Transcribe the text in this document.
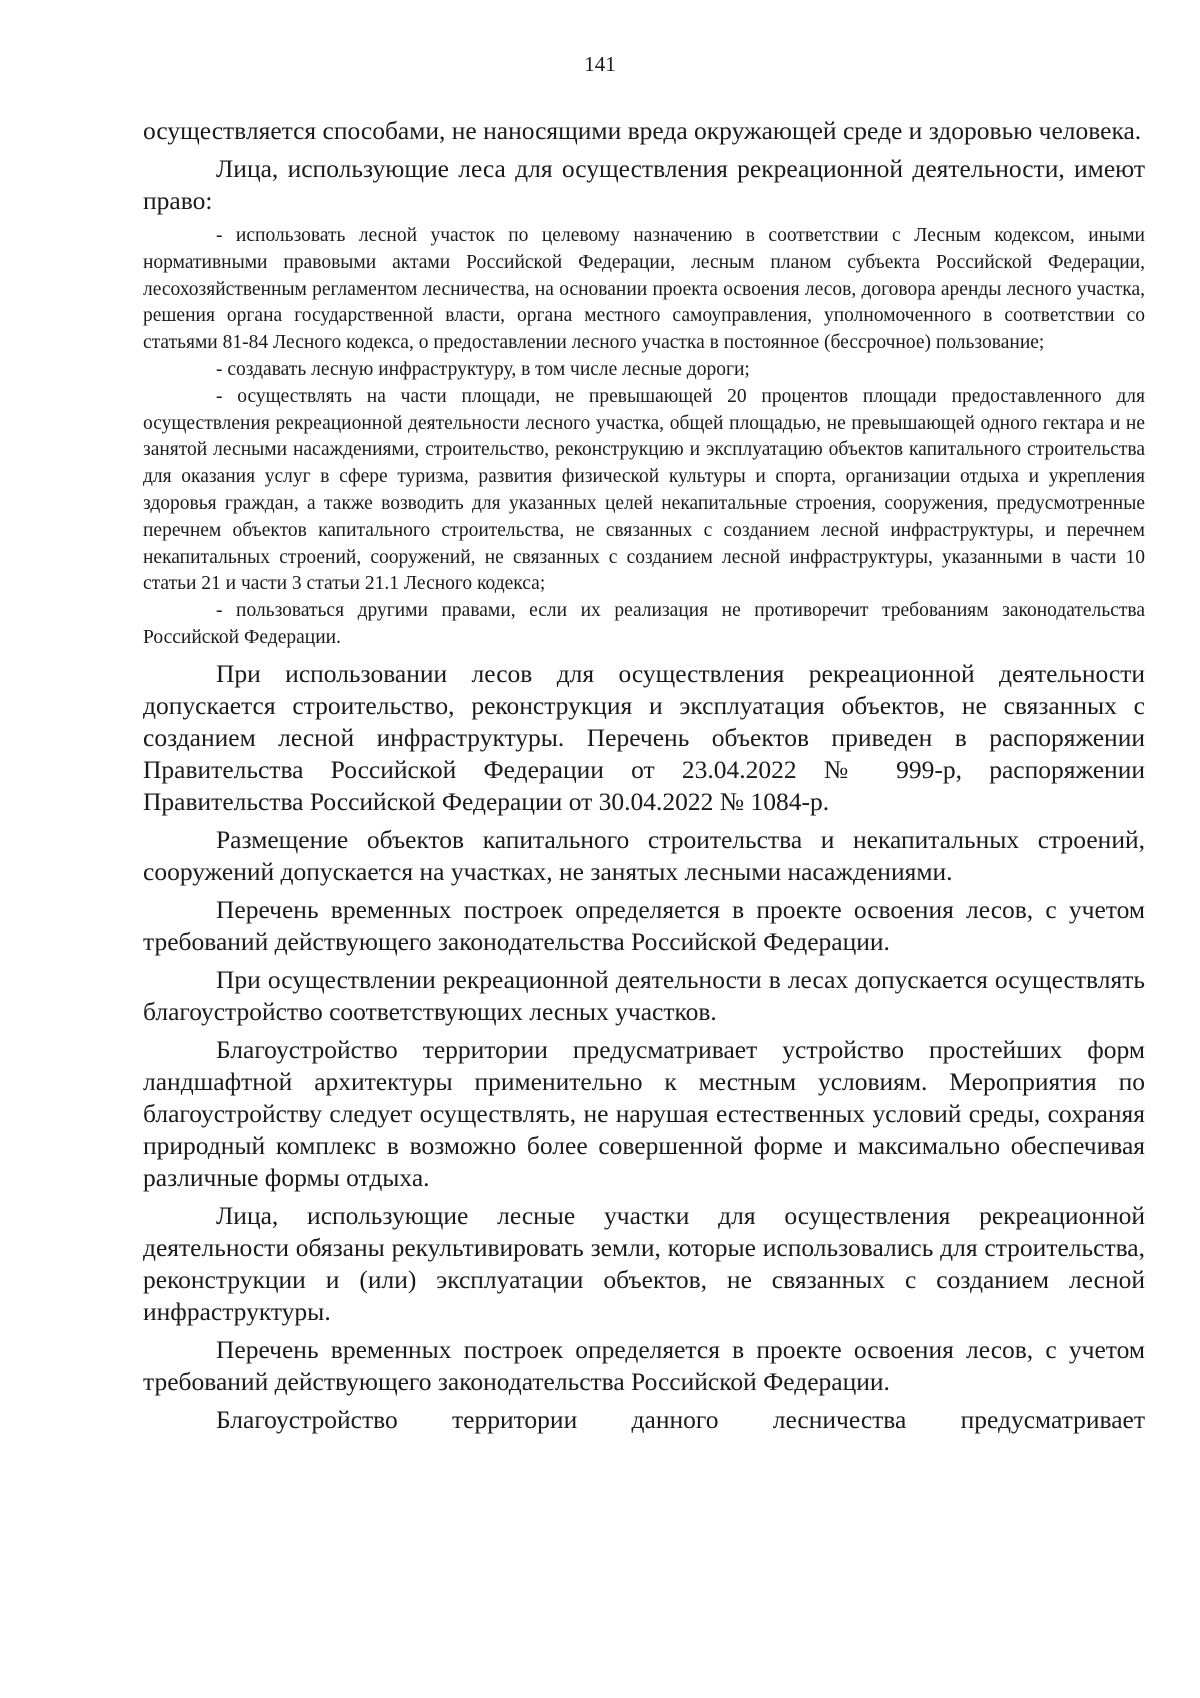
141

осуществляется способами, не наносящими вреда окружающей среде и здоровью человека.

Лица, использующие леса для осуществления рекреационной деятельности, имеют право:

- использовать лесной участок по целевому назначению в соответствии с Лесным кодексом, иными нормативными правовыми актами Российской Федерации, лесным планом субъекта Российской Федерации, лесохозяйственным регламентом лесничества, на основании проекта освоения лесов, договора аренды лесного участка, решения органа государственной власти, органа местного самоуправления, уполномоченного в соответствии со статьями 81-84 Лесного кодекса, о предоставлении лесного участка в постоянное (бессрочное) пользование;

- создавать лесную инфраструктуру, в том числе лесные дороги;

- осуществлять на части площади, не превышающей 20 процентов площади предоставленного для осуществления рекреационной деятельности лесного участка, общей площадью, не превышающей одного гектара и не занятой лесными насаждениями, строительство, реконструкцию и эксплуатацию объектов капитального строительства для оказания услуг в сфере туризма, развития физической культуры и спорта, организации отдыха и укрепления здоровья граждан, а также возводить для указанных целей некапитальные строения, сооружения, предусмотренные перечнем объектов капитального строительства, не связанных с созданием лесной инфраструктуры, и перечнем некапитальных строений, сооружений, не связанных с созданием лесной инфраструктуры, указанными в части 10 статьи 21 и части 3 статьи 21.1 Лесного кодекса;

- пользоваться другими правами, если их реализация не противоречит требованиям законодательства Российской Федерации.

При использовании лесов для осуществления рекреационной деятельности допускается строительство, реконструкция и эксплуатация объектов, не связанных с созданием лесной инфраструктуры. Перечень объектов приведен в распоряжении Правительства Российской Федерации от 23.04.2022 № 999-р, распоряжении Правительства Российской Федерации от 30.04.2022 № 1084-р.

Размещение объектов капитального строительства и некапитальных строений, сооружений допускается на участках, не занятых лесными насаждениями.

Перечень временных построек определяется в проекте освоения лесов, с учетом требований действующего законодательства Российской Федерации.

При осуществлении рекреационной деятельности в лесах допускается осуществлять благоустройство соответствующих лесных участков.

Благоустройство территории предусматривает устройство простейших форм ландшафтной архитектуры применительно к местным условиям. Мероприятия по благоустройству следует осуществлять, не нарушая естественных условий среды, сохраняя природный комплекс в возможно более совершенной форме и максимально обеспечивая различные формы отдыха.

Лица, использующие лесные участки для осуществления рекреационной деятельности обязаны рекультивировать земли, которые использовались для строительства, реконструкции и (или) эксплуатации объектов, не связанных с созданием лесной инфраструктуры.

Перечень временных построек определяется в проекте освоения лесов, с учетом требований действующего законодательства Российской Федерации.

Благоустройство территории данного лесничества предусматривает
